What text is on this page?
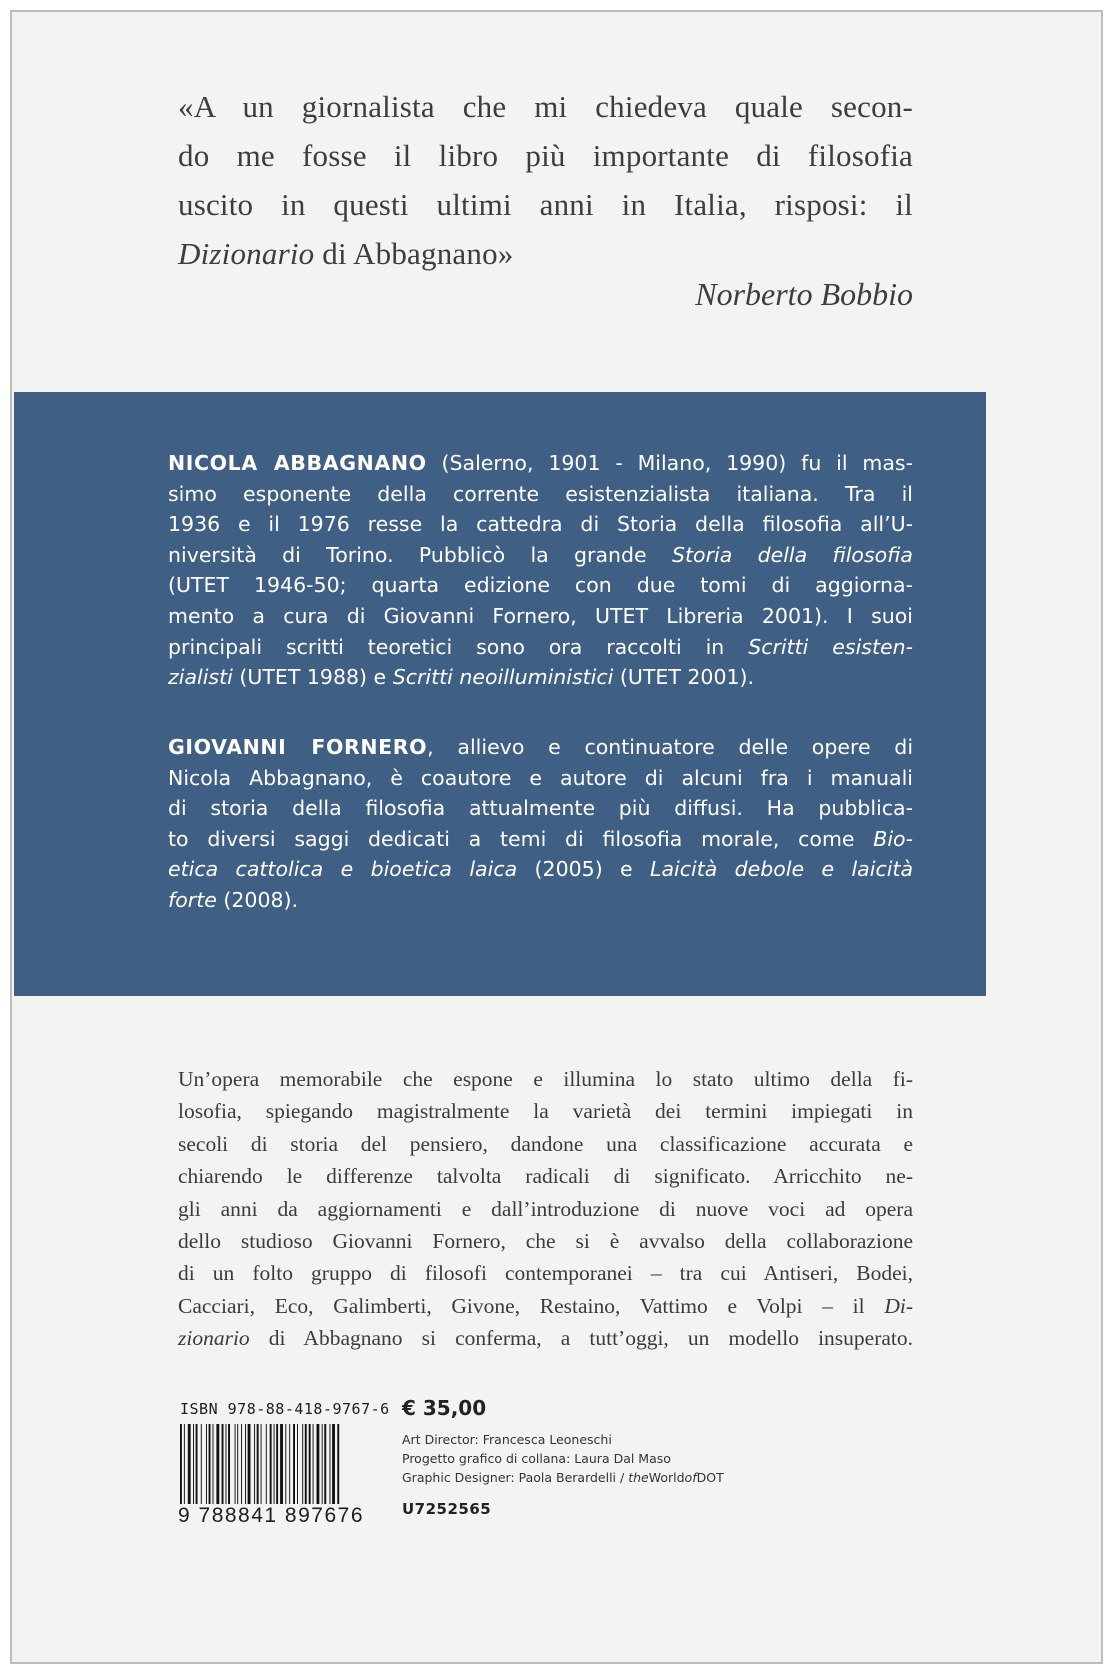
«A un giornalista che mi chiedeva quale secon-
do me fosse il libro più importante di filosofia
uscito in questi ultimi anni in Italia, risposi: il
Dizionario di Abbagnano»
Norberto Bobbio
NICOLA ABBAGNANO (Salerno, 1901 - Milano, 1990) fu il mas-
simo esponente della corrente esistenzialista italiana. Tra il
1936 e il 1976 resse la cattedra di Storia della filosofia all’U-
niversità di Torino. Pubblicò la grande Storia della filosofia
(UTET 1946-50; quarta edizione con due tomi di aggiorna-
mento a cura di Giovanni Fornero, UTET Libreria 2001). I suoi
principali scritti teoretici sono ora raccolti in Scritti esisten-
zialisti (UTET 1988) e Scritti neoilluministici (UTET 2001).
GIOVANNI FORNERO, allievo e continuatore delle opere di
Nicola Abbagnano, è coautore e autore di alcuni fra i manuali
di storia della filosofia attualmente più diffusi. Ha pubblica-
to diversi saggi dedicati a temi di filosofia morale, come Bio-
etica cattolica e bioetica laica (2005) e Laicità debole e laicità
forte (2008).
Un’opera memorabile che espone e illumina lo stato ultimo della fi-
losofia, spiegando magistralmente la varietà dei termini impiegati in
secoli di storia del pensiero, dandone una classificazione accurata e
chiarendo le differenze talvolta radicali di significato. Arricchito ne-
gli anni da aggiornamenti e dall’introduzione di nuove voci ad opera
dello studioso Giovanni Fornero, che si è avvalso della collaborazione
di un folto gruppo di filosofi contemporanei – tra cui Antiseri, Bodei,
Cacciari, Eco, Galimberti, Givone, Restaino, Vattimo e Volpi – il Di-
zionario di Abbagnano si conferma, a tutt’oggi, un modello insuperato.
ISBN 978-88-418-9767-6
9 788841 897676
€ 35,00
Art Director: Francesca Leoneschi
Progetto grafico di collana: Laura Dal Maso
Graphic Designer: Paola Berardelli / theWorldofDOT
U7252565
